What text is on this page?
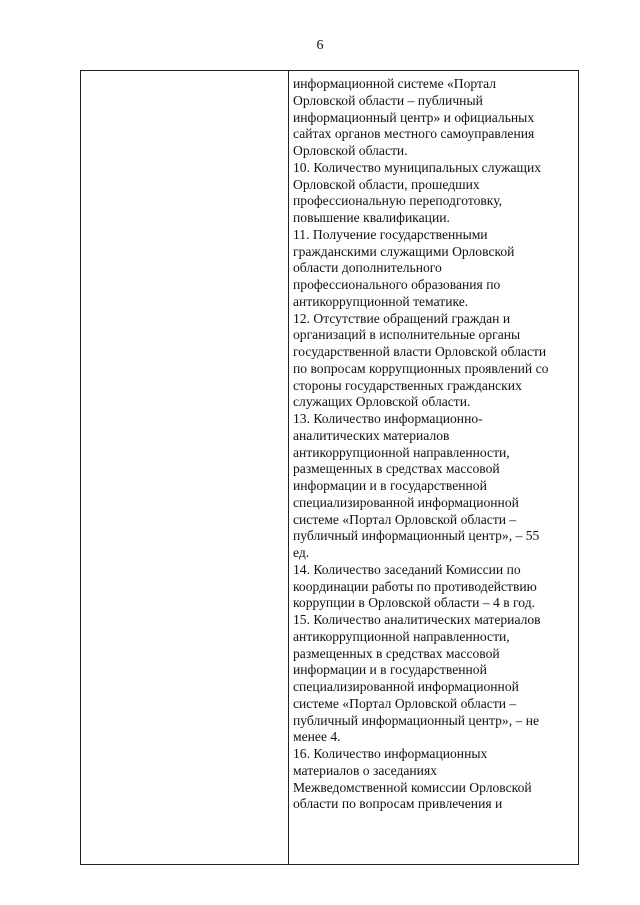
6
информационной системе «Портал
Орловской области – публичный
информационный центр» и официальных
сайтах органов местного самоуправления
Орловской области.
10. Количество муниципальных служащих
Орловской области, прошедших
профессиональную переподготовку,
повышение квалификации.
11. Получение государственными
гражданскими служащими Орловской
области дополнительного
профессионального образования по
антикоррупционной тематике.
12. Отсутствие обращений граждан и
организаций в исполнительные органы
государственной власти Орловской области
по вопросам коррупционных проявлений со
стороны государственных гражданских
служащих Орловской области.
13. Количество информационно-
аналитических материалов
антикоррупционной направленности,
размещенных в средствах массовой
информации и в государственной
специализированной информационной
системе «Портал Орловской области –
публичный информационный центр», – 55
ед.
14. Количество заседаний Комиссии по
координации работы по противодействию
коррупции в Орловской области – 4 в год.
15. Количество аналитических материалов
антикоррупционной направленности,
размещенных в средствах массовой
информации и в государственной
специализированной информационной
системе «Портал Орловской области –
публичный информационный центр», – не
менее 4.
16. Количество информационных
материалов о заседаниях
Межведомственной комиссии Орловской
области по вопросам привлечения и
